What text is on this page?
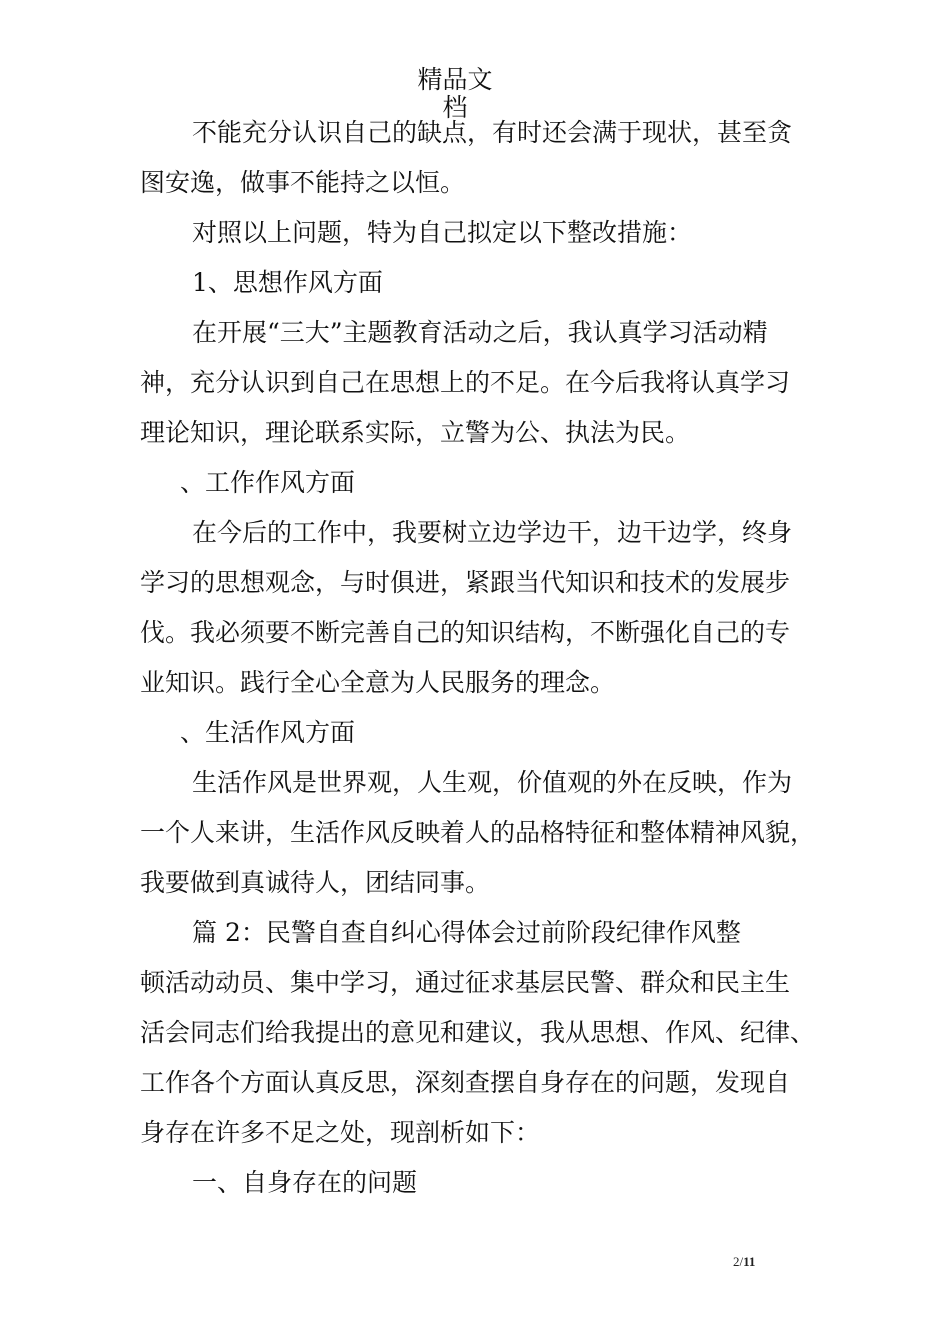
精品文
档
不能充分认识自己的缺点，有时还会满于现状，甚至贪
图安逸，做事不能持之以恒。
对照以上问题，特为自己拟定以下整改措施：
1、思想作风方面
在开展“三大”主题教育活动之后，我认真学习活动精
神，充分认识到自己在思想上的不足。在今后我将认真学习
理论知识，理论联系实际，立警为公、执法为民。
、工作作风方面
在今后的工作中，我要树立边学边干，边干边学，终身
学习的思想观念，与时俱进，紧跟当代知识和技术的发展步
伐。我必须要不断完善自己的知识结构，不断强化自己的专
业知识。践行全心全意为人民服务的理念。
、生活作风方面
生活作风是世界观，人生观，价值观的外在反映，作为
一个人来讲，生活作风反映着人的品格特征和整体精神风貌，
我要做到真诚待人，团结同事。
篇 2：民警自查自纠心得体会过前阶段纪律作风整
顿活动动员、集中学习，通过征求基层民警、群众和民主生
活会同志们给我提出的意见和建议，我从思想、作风、纪律、
工作各个方面认真反思，深刻查摆自身存在的问题，发现自
身存在许多不足之处，现剖析如下：
一、自身存在的问题
2/11
